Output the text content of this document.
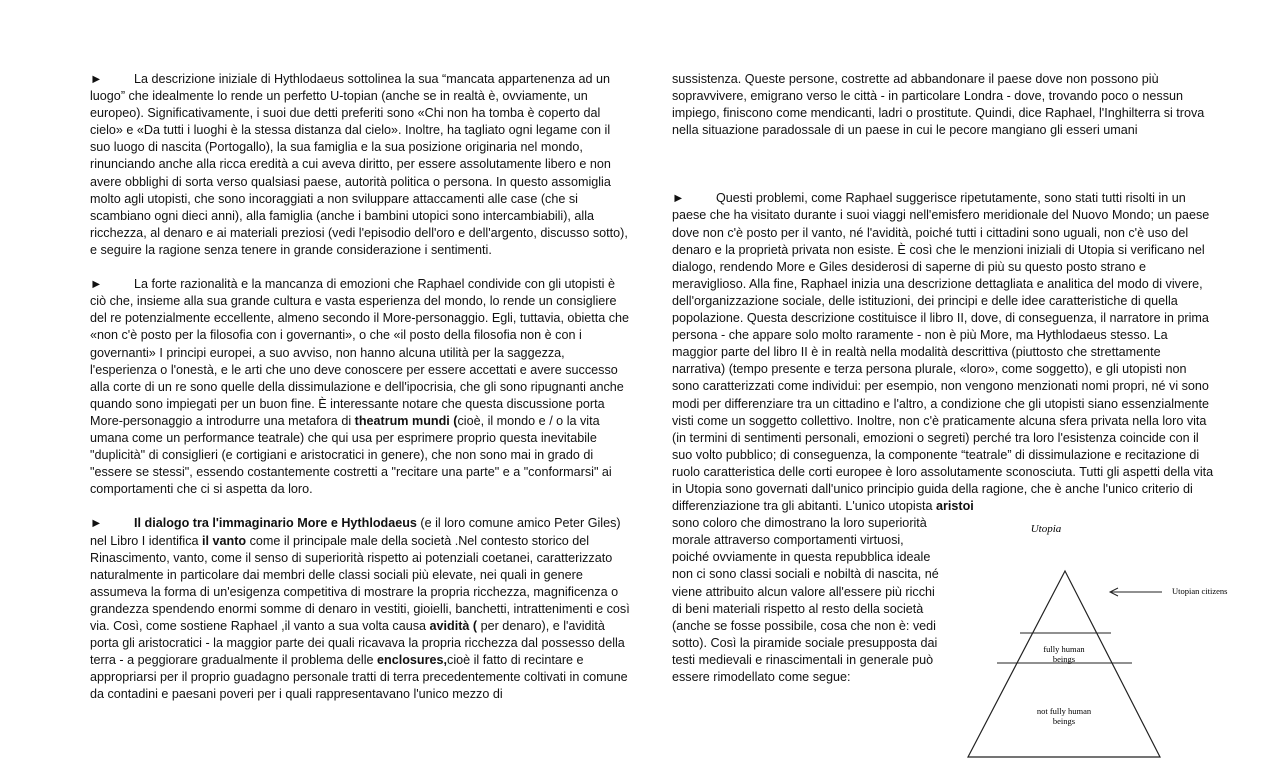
►	La descrizione iniziale di Hythlodaeus sottolinea la sua “mancata appartenenza ad un luogo” che idealmente lo rende un perfetto U-topian (anche se in realtà è, ovviamente, un europeo). Significativamente, i suoi due detti preferiti sono «Chi non ha tomba è coperto dal cielo» e «Da tutti i luoghi è la stessa distanza dal cielo». Inoltre, ha tagliato ogni legame con il suo luogo di nascita (Portogallo), la sua famiglia e la sua posizione originaria nel mondo, rinunciando anche alla ricca eredità a cui aveva diritto, per essere assolutamente libero e non avere obblighi di sorta verso qualsiasi paese, autorità politica o persona. In questo assomiglia molto agli utopisti, che sono incoraggiati a non sviluppare attaccamenti alle case (che si scambiano ogni dieci anni), alla famiglia (anche i bambini utopici sono intercambiabili), alla ricchezza, al denaro e ai materiali preziosi (vedi l'episodio dell'oro e dell'argento, discusso sotto), e seguire la ragione senza tenere in grande considerazione i sentimenti.

►	La forte razionalità e la mancanza di emozioni che Raphael condivide con gli utopisti è ciò che, insieme alla sua grande cultura e vasta esperienza del mondo, lo rende un consigliere del re potenzialmente eccellente, almeno secondo il More-personaggio. Egli, tuttavia, obietta che «non c'è posto per la filosofia con i governanti», o che «il posto della filosofia non è con i governanti» I principi europei, a suo avviso, non hanno alcuna utilità per la saggezza, l'esperienza o l'onestà, e le arti che uno deve conoscere per essere accettati e avere successo alla corte di un re sono quelle della dissimulazione e dell'ipocrisia, che gli sono ripugnanti anche quando sono impiegati per un buon fine. È interessante notare che questa discussione porta More-personaggio a introdurre una metafora di theatrum mundi (cioè, il mondo e / o la vita umana come un performance teatrale) che qui usa per esprimere proprio questa inevitabile "duplicità" di consiglieri (e cortigiani e aristocratici in genere), che non sono mai in grado di "essere se stessi", essendo costantemente costretti a "recitare una parte" e a "conformarsi" ai comportamenti che ci si aspetta da loro.

►	Il dialogo tra l'immaginario More e Hythlodaeus (e il loro comune amico Peter Giles) nel Libro I identifica il vanto come il principale male della società .Nel contesto storico del Rinascimento, vanto, come il senso di superiorità rispetto ai potenziali coetanei, caratterizzato naturalmente in particolare dai membri delle classi sociali più elevate, nei quali in genere assumeva la forma di un'esigenza competitiva di mostrare la propria ricchezza, magnificenza o grandezza spendendo enormi somme di denaro in vestiti, gioielli, banchetti, intrattenimenti e così via. Così, come sostiene Raphael ,il vanto a sua volta causa avidità ( per denaro), e l'avidità porta gli aristocratici - la maggior parte dei quali ricavava la propria ricchezza dal possesso della terra - a peggiorare gradualmente il problema delle enclosures,cioè il fatto di recintare e appropriarsi per il proprio guadagno personale tratti di terra precedentemente coltivati in comune da contadini e paesani poveri per i quali rappresentavano l'unico mezzo di

sussistenza. Queste persone, costrette ad abbandonare il paese dove non possono più sopravvivere, emigrano verso le città - in particolare Londra - dove, trovando poco o nessun impiego, finiscono come mendicanti, ladri o prostitute. Quindi, dice Raphael, l'Inghilterra si trova nella situazione paradossale di un paese in cui le pecore mangiano gli esseri umani

►	Questi problemi, come Raphael suggerisce ripetutamente, sono stati tutti risolti in un paese che ha visitato durante i suoi viaggi nell'emisfero meridionale del Nuovo Mondo; un paese dove non c'è posto per il vanto, né l'avidità, poiché tutti i cittadini sono uguali, non c'è uso del denaro e la proprietà privata non esiste. È così che le menzioni iniziali di Utopia si verificano nel dialogo, rendendo More e Giles desiderosi di saperne di più su questo posto strano e meraviglioso. Alla fine, Raphael inizia una descrizione dettagliata e analitica del modo di vivere, dell'organizzazione sociale, delle istituzioni, dei principi e delle idee caratteristiche di quella popolazione. Questa descrizione costituisce il libro II, dove, di conseguenza, il narratore in prima persona - che appare solo molto raramente - non è più More, ma Hythlodaeus stesso. La maggior parte del libro II è in realtà nella modalità descrittiva (piuttosto che strettamente narrativa) (tempo presente e terza persona plurale, «loro», come soggetto), e gli utopisti non sono caratterizzati come individui: per esempio, non vengono menzionati nomi propri, né vi sono modi per differenziare tra un cittadino e l'altro, a condizione che gli utopisti siano essenzialmente visti come un soggetto collettivo. Inoltre, non c'è praticamente alcuna sfera privata nella loro vita (in termini di sentimenti personali, emozioni o segreti) perché tra loro l'esistenza coincide con il suo volto pubblico; di conseguenza, la componente “teatrale” di dissimulazione e recitazione di ruolo caratteristica delle corti europee è loro assolutamente sconosciuta. Tutti gli aspetti della vita in Utopia sono governati dall'unico principio guida della ragione, che è anche l'unico criterio di differenziazione tra gli abitanti. L'unico utopista aristoi

sono coloro che dimostrano la loro superiorità morale attraverso comportamenti virtuosi, poiché ovviamente in questa repubblica ideale non ci sono classi sociali e nobiltà di nascita, né viene attribuito alcun valore all'essere più ricchi di beni materiali rispetto al resto della società (anche se fosse possibile, cosa che non è: vedi sotto). Così la piramide sociale presupposta dai testi medievali e rinascimentali in generale può essere rimodellato come segue:

Utopia
fully human
beings
not fully human
beings
Utopian citizens
